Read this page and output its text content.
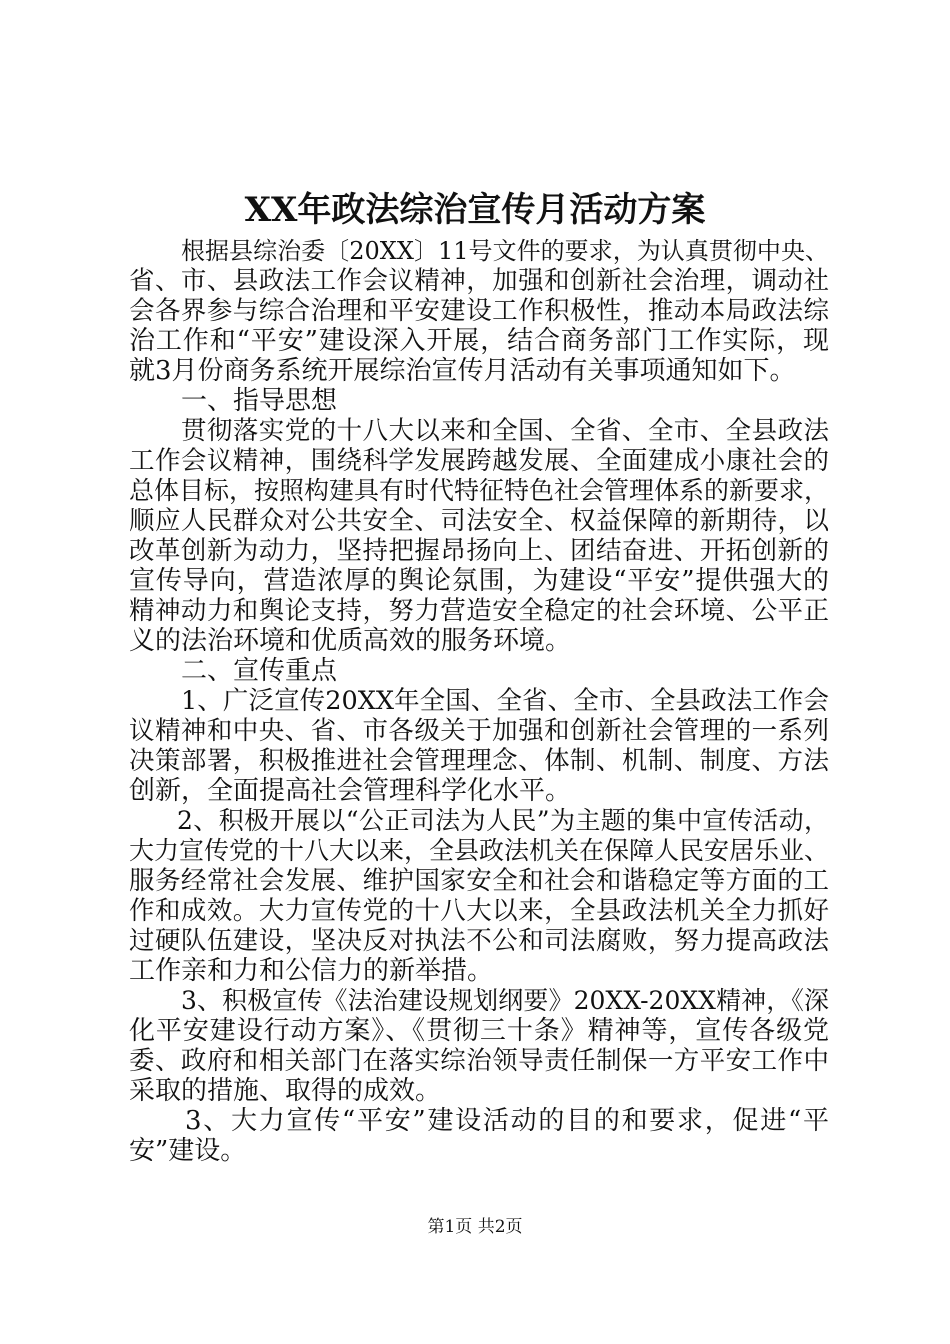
XX年政法综治宣传月活动方案
根据县综治委〔20XX〕11号文件的要求，为认真贯彻中央、
省、市、县政法工作会议精神，加强和创新社会治理，调动社
会各界参与综合治理和平安建设工作积极性，推动本局政法综
治工作和“平安”建设深入开展，结合商务部门工作实际，现
就3月份商务系统开展综治宣传月活动有关事项通知如下。
一、指导思想
贯彻落实党的十八大以来和全国、全省、全市、全县政法
工作会议精神，围绕科学发展跨越发展、全面建成小康社会的
总体目标，按照构建具有时代特征特色社会管理体系的新要求，
顺应人民群众对公共安全、司法安全、权益保障的新期待，以
改革创新为动力，坚持把握昂扬向上、团结奋进、开拓创新的
宣传导向，营造浓厚的舆论氛围，为建设“平安”提供强大的
精神动力和舆论支持，努力营造安全稳定的社会环境、公平正
义的法治环境和优质高效的服务环境。
二、宣传重点
1、广泛宣传20XX年全国、全省、全市、全县政法工作会
议精神和中央、省、市各级关于加强和创新社会管理的一系列
决策部署，积极推进社会管理理念、体制、机制、制度、方法
创新，全面提高社会管理科学化水平。
2、积极开展以“公正司法为人民”为主题的集中宣传活动，
大力宣传党的十八大以来，全县政法机关在保障人民安居乐业、
服务经常社会发展、维护国家安全和社会和谐稳定等方面的工
作和成效。大力宣传党的十八大以来，全县政法机关全力抓好
过硬队伍建设，坚决反对执法不公和司法腐败，努力提高政法
工作亲和力和公信力的新举措。
3、积极宣传《法治建设规划纲要》20XX-20XX精神，《深
化平安建设行动方案》、《贯彻三十条》精神等，宣传各级党
委、政府和相关部门在落实综治领导责任制保一方平安工作中
采取的措施、取得的成效。
3、大力宣传“平安”建设活动的目的和要求，促进“平
安”建设。
第1页 共2页
